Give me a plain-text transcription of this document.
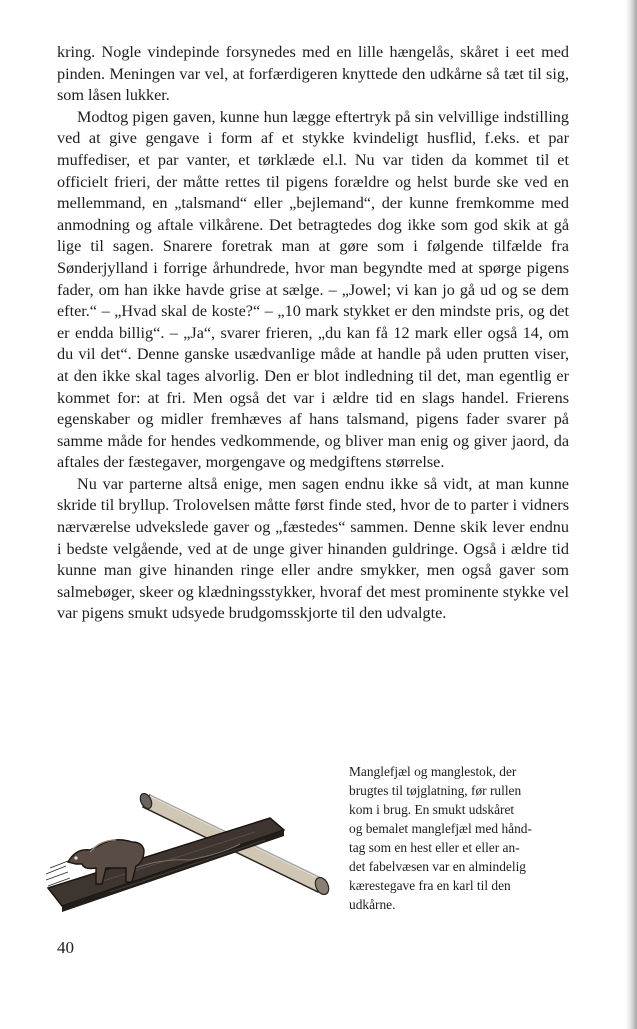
kring. Nogle vindepinde forsynedes med en lille hængelås, skåret i eet med pinden. Meningen var vel, at forfærdigeren knyttede den udkårne så tæt til sig, som låsen lukker.

Modtog pigen gaven, kunne hun lægge eftertryk på sin velvillige indstilling ved at give gengave i form af et stykke kvindeligt husflid, f.eks. et par muffediser, et par vanter, et tørklæde el.l. Nu var tiden da kommet til et officielt frieri, der måtte rettes til pigens forældre og helst burde ske ved en mellemmand, en „talsmand“ eller „bejlemand“, der kunne fremkomme med anmodning og aftale vilkårene. Det betragtedes dog ikke som god skik at gå lige til sagen. Snarere foretrak man at gøre som i følgende tilfælde fra Sønderjylland i forrige århundrede, hvor man begyndte med at spørge pigens fader, om han ikke havde grise at sælge. – „Jowel; vi kan jo gå ud og se dem efter.“ – „Hvad skal de koste?“ – „10 mark stykket er den mindste pris, og det er endda billig“. – „Ja“, svarer frieren, „du kan få 12 mark eller også 14, om du vil det“. Denne ganske usædvanlige måde at handle på uden prutten viser, at den ikke skal tages alvorlig. Den er blot indledning til det, man egentlig er kommet for: at fri. Men også det var i ældre tid en slags handel. Frierens egenskaber og midler fremhæves af hans talsmand, pigens fader svarer på samme måde for hendes vedkommende, og bliver man enig og giver jaord, da aftales der fæstegaver, morgengave og medgiftens størrelse.

Nu var parterne altså enige, men sagen endnu ikke så vidt, at man kunne skride til bryllup. Trolovelsen måtte først finde sted, hvor de to parter i vidners nærværelse udvekslede gaver og „fæstedes“ sammen. Denne skik lever endnu i bedste velgående, ved at de unge giver hinanden guldringe. Også i ældre tid kunne man give hinanden ringe eller andre smykker, men også gaver som salmebøger, skeer og klædningsstykker, hvoraf det mest prominente stykke vel var pigens smukt udsyede brudgomsskjorte til den udvalgte.

Manglefjæl og manglestok, der
brugtes til tøjglatning, før rullen
kom i brug. En smukt udskåret
og bemalet manglefjæl med hånd-
tag som en hest eller et eller an-
det fabelvæsen var en almindelig
kærestegave fra en karl til den
udkårne.
40
